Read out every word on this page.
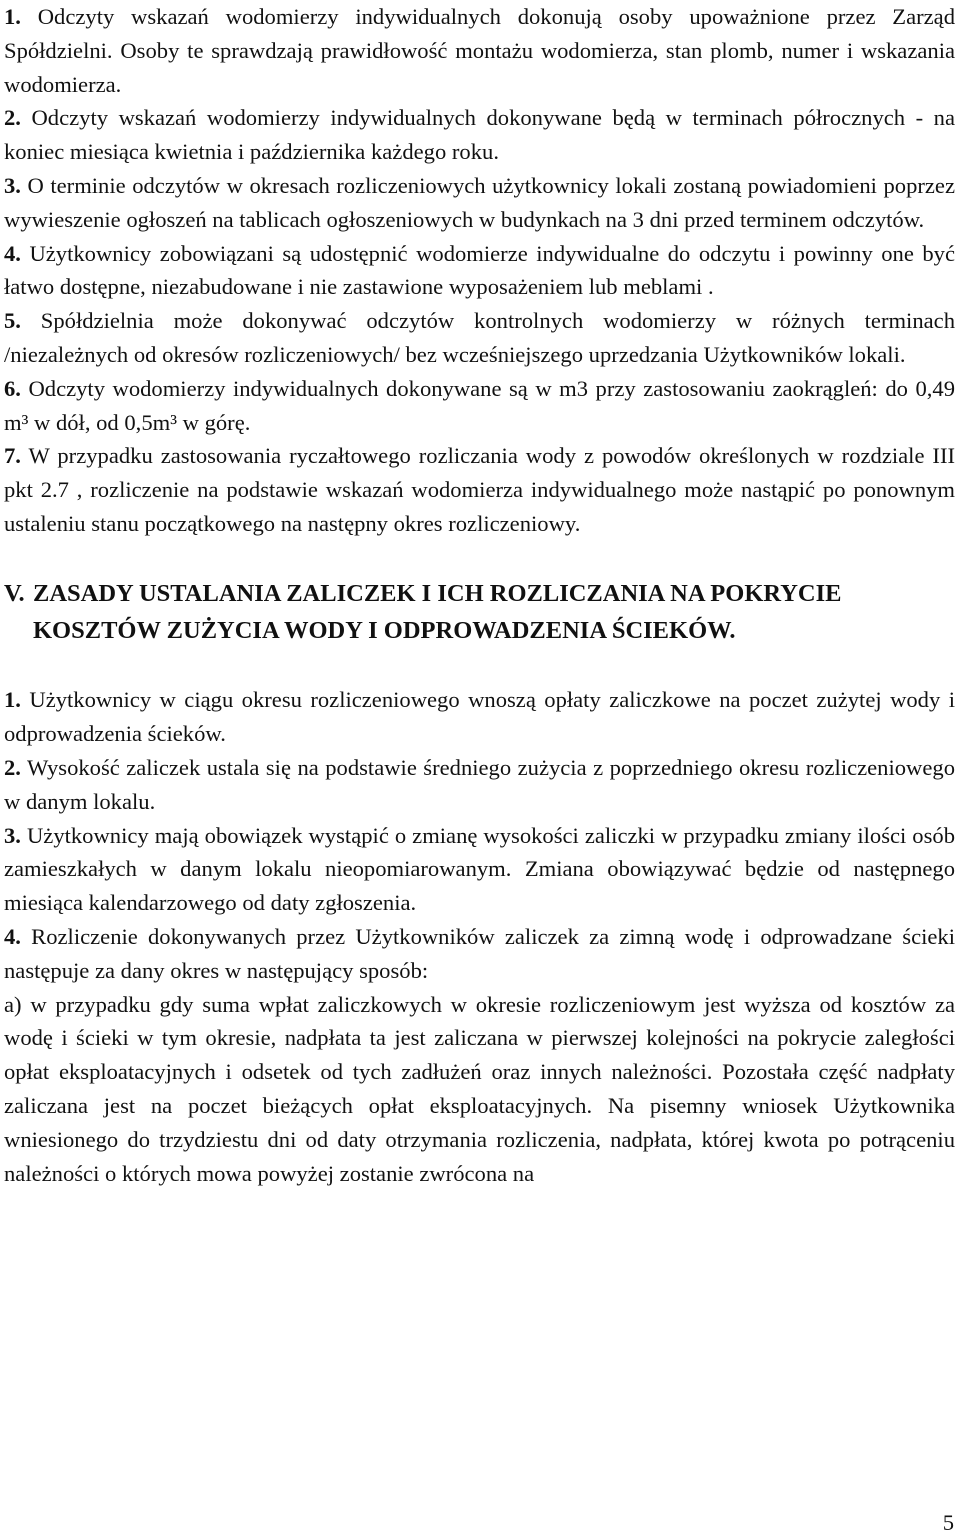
1. Odczyty wskazań wodomierzy indywidualnych dokonują osoby upoważnione przez Zarząd Spółdzielni. Osoby te sprawdzają prawidłowość montażu wodomierza, stan plomb, numer i wskazania wodomierza.

2. Odczyty wskazań wodomierzy indywidualnych dokonywane będą w terminach półrocznych - na koniec miesiąca kwietnia i października każdego roku.

3. O terminie odczytów w okresach rozliczeniowych użytkownicy lokali zostaną powiadomieni poprzez wywieszenie ogłoszeń na tablicach ogłoszeniowych w budynkach na 3 dni przed terminem odczytów.

4. Użytkownicy zobowiązani są udostępnić wodomierze indywidualne do odczytu i powinny one być łatwo dostępne, niezabudowane i nie zastawione wyposażeniem lub meblami .

5. Spółdzielnia może dokonywać odczytów kontrolnych wodomierzy w różnych terminach /niezależnych od okresów rozliczeniowych/ bez wcześniejszego uprzedzania Użytkowników lokali.

6. Odczyty wodomierzy indywidualnych dokonywane są w m3 przy zastosowaniu zaokrągleń: do 0,49 m³ w dół, od 0,5m³ w górę.

7. W przypadku zastosowania ryczałtowego rozliczania wody z powodów określonych w rozdziale III pkt 2.7 , rozliczenie na podstawie wskazań wodomierza indywidualnego może nastąpić po ponownym ustaleniu stanu początkowego na następny okres rozliczeniowy.

V. ZASADY USTALANIA ZALICZEK I ICH ROZLICZANIA NA POKRYCIE KOSZTÓW ZUŻYCIA WODY I ODPROWADZENIA ŚCIEKÓW.

1. Użytkownicy w ciągu okresu rozliczeniowego wnoszą opłaty zaliczkowe na poczet zużytej wody i odprowadzenia ścieków.

2. Wysokość zaliczek ustala się na podstawie średniego zużycia z poprzedniego okresu rozliczeniowego w danym lokalu.

3. Użytkownicy mają obowiązek wystąpić o zmianę wysokości zaliczki w przypadku zmiany ilości osób zamieszkałych w danym lokalu nieopomiarowanym. Zmiana obowiązywać będzie od następnego miesiąca kalendarzowego od daty zgłoszenia.

4. Rozliczenie dokonywanych przez Użytkowników zaliczek za zimną wodę i odprowadzane ścieki następuje za dany okres w następujący sposób:

a) w przypadku gdy suma wpłat zaliczkowych w okresie rozliczeniowym jest wyższa od kosztów za wodę i ścieki w tym okresie, nadpłata ta jest zaliczana w pierwszej kolejności na pokrycie zaległości opłat eksploatacyjnych i odsetek od tych zadłużeń oraz innych należności. Pozostała część nadpłaty zaliczana jest na poczet bieżących opłat eksploatacyjnych. Na pisemny wniosek Użytkownika wniesionego do trzydziestu dni od daty otrzymania rozliczenia, nadpłata, której kwota po potrąceniu należności o których mowa powyżej zostanie zwrócona na

5
